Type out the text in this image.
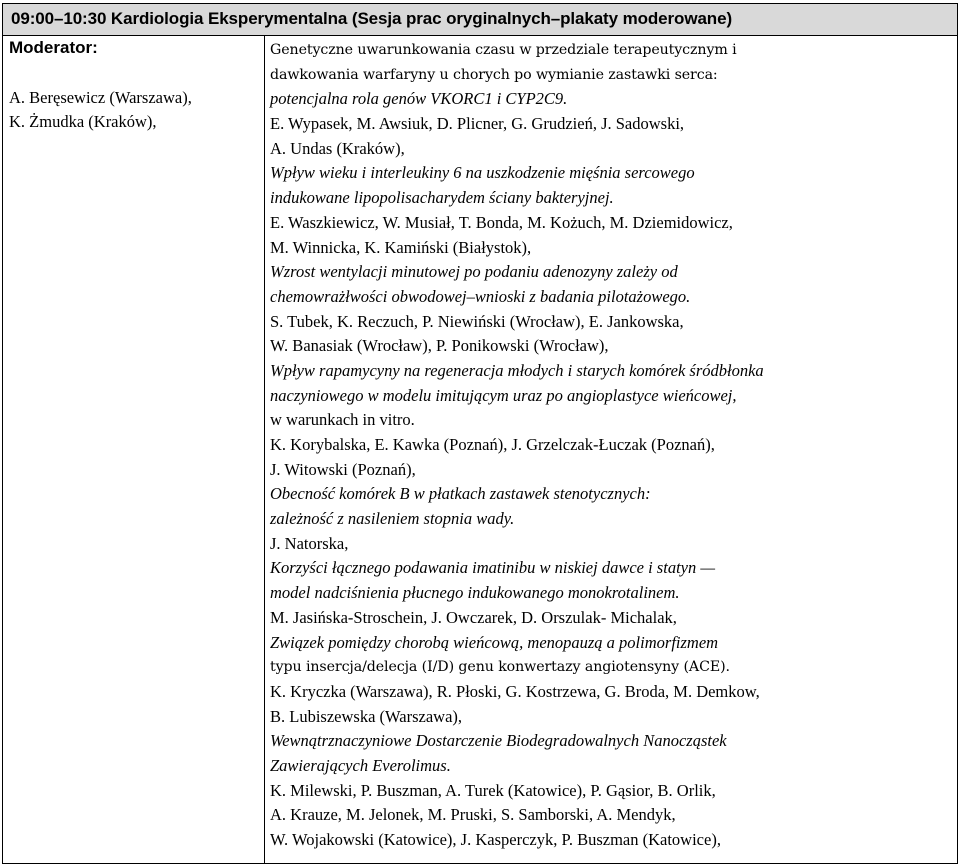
09:00–10:30 Kardiologia Eksperymentalna (Sesja prac oryginalnych–plakaty moderowane)
Moderator:
A. Beręsewicz (Warszawa),
K. Żmudka (Kraków),
Genetyczne uwarunkowania czasu w przedziale terapeutycznym i
dawkowania warfaryny u chorych po wymianie zastawki serca:
potencjalna rola genów VKORC1 i CYP2C9.
E. Wypasek, M. Awsiuk, D. Plicner, G. Grudzień, J. Sadowski,
A. Undas (Kraków),
Wpływ wieku i interleukiny 6 na uszkodzenie mięśnia sercowego
indukowane lipopolisacharydem ściany bakteryjnej.
E. Waszkiewicz, W. Musiał, T. Bonda, M. Kożuch, M. Dziemidowicz,
M. Winnicka, K. Kamiński (Białystok),
Wzrost wentylacji minutowej po podaniu adenozyny zależy od
chemowrażłwości obwodowej–wnioski z badania pilotażowego.
S. Tubek, K. Reczuch, P. Niewiński (Wrocław), E. Jankowska,
W. Banasiak (Wrocław), P. Ponikowski (Wrocław),
Wpływ rapamycyny na regeneracja młodych i starych komórek śródbłonka
naczyniowego w modelu imitującym uraz po angioplastyce wieńcowej,
w warunkach in vitro.
K. Korybalska, E. Kawka (Poznań), J. Grzelczak-Łuczak (Poznań),
J. Witowski (Poznań),
Obecność komórek B w płatkach zastawek stenotycznych:
zależność z nasileniem stopnia wady.
J. Natorska,
Korzyści łącznego podawania imatinibu w niskiej dawce i statyn —
model nadciśnienia płucnego indukowanego monokrotalinem.
M. Jasińska-Stroschein, J. Owczarek, D. Orszulak- Michalak,
Związek pomiędzy chorobą wieńcową, menopauzą a polimorfizmem
typu insercja/delecja (I/D) genu konwertazy angiotensyny (ACE).
K. Kryczka (Warszawa), R. Płoski, G. Kostrzewa, G. Broda, M. Demkow,
B. Lubiszewska (Warszawa),
Wewnątrznaczyniowe Dostarczenie Biodegradowalnych Nanocząstek
Zawierających Everolimus.
K. Milewski, P. Buszman, A. Turek (Katowice), P. Gąsior, B. Orlik,
A. Krauze, M. Jelonek, M. Pruski, S. Samborski, A. Mendyk,
W. Wojakowski (Katowice), J. Kasperczyk, P. Buszman (Katowice),
